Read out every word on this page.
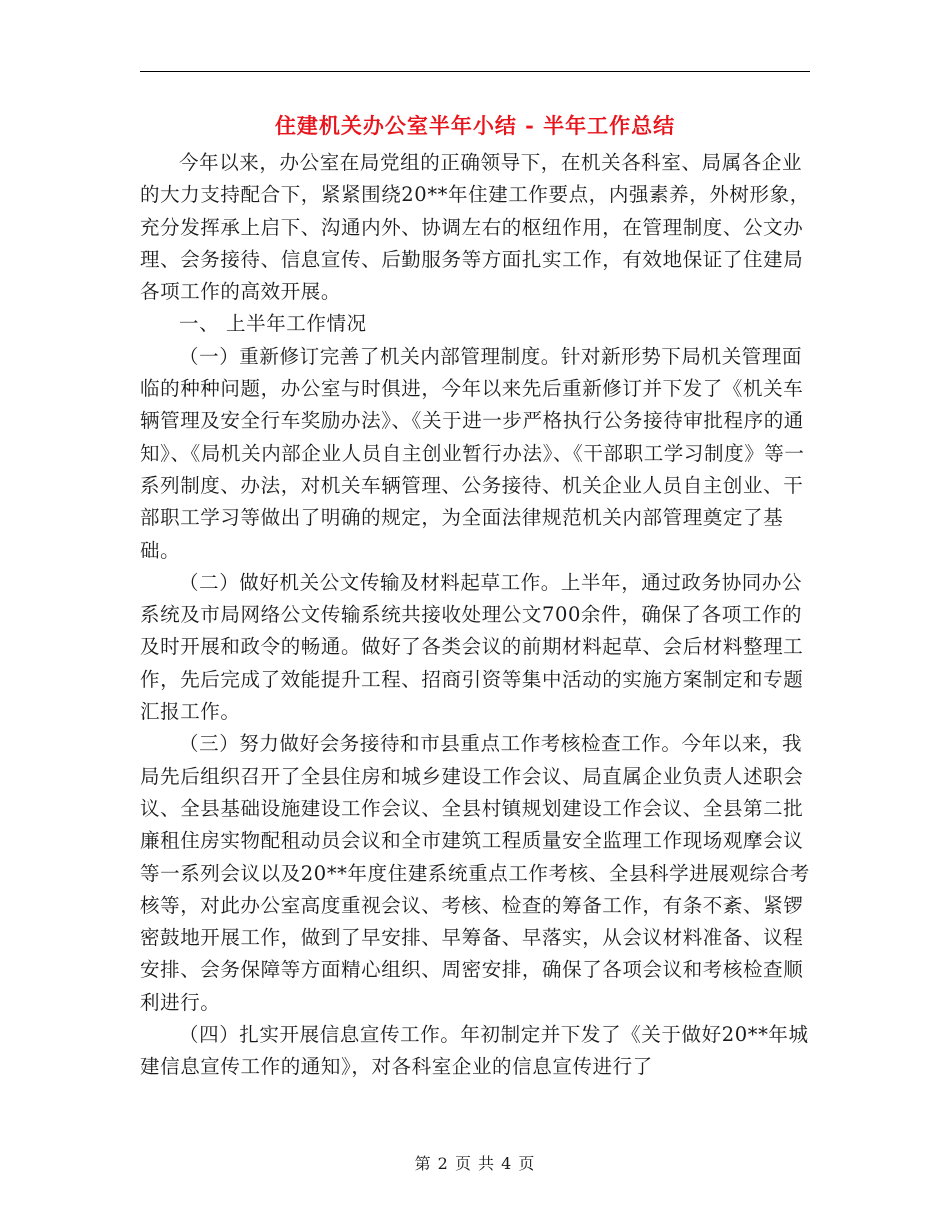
住建机关办公室半年小结 - 半年工作总结

今年以来，办公室在局党组的正确领导下，在机关各科室、局属各企业的大力支持配合下，紧紧围绕20**年住建工作要点，内强素养，外树形象，充分发挥承上启下、沟通内外、协调左右的枢纽作用，在管理制度、公文办理、会务接待、信息宣传、后勤服务等方面扎实工作，有效地保证了住建局各项工作的高效开展。

一、 上半年工作情况

（一）重新修订完善了机关内部管理制度。针对新形势下局机关管理面临的种种问题，办公室与时俱进，今年以来先后重新修订并下发了《机关车辆管理及安全行车奖励办法》、《关于进一步严格执行公务接待审批程序的通知》、《局机关内部企业人员自主创业暂行办法》、《干部职工学习制度》等一系列制度、办法，对机关车辆管理、公务接待、机关企业人员自主创业、干部职工学习等做出了明确的规定，为全面法律规范机关内部管理奠定了基础。

（二）做好机关公文传输及材料起草工作。上半年，通过政务协同办公系统及市局网络公文传输系统共接收处理公文700余件，确保了各项工作的及时开展和政令的畅通。做好了各类会议的前期材料起草、会后材料整理工作，先后完成了效能提升工程、招商引资等集中活动的实施方案制定和专题汇报工作。

（三）努力做好会务接待和市县重点工作考核检查工作。今年以来，我局先后组织召开了全县住房和城乡建设工作会议、局直属企业负责人述职会议、全县基础设施建设工作会议、全县村镇规划建设工作会议、全县第二批廉租住房实物配租动员会议和全市建筑工程质量安全监理工作现场观摩会议等一系列会议以及20**年度住建系统重点工作考核、全县科学进展观综合考核等，对此办公室高度重视会议、考核、检查的筹备工作，有条不紊、紧锣密鼓地开展工作，做到了早安排、早筹备、早落实，从会议材料准备、议程安排、会务保障等方面精心组织、周密安排，确保了各项会议和考核检查顺利进行。

（四）扎实开展信息宣传工作。年初制定并下发了《关于做好20**年城建信息宣传工作的通知》，对各科室企业的信息宣传进行了

第 2 页 共 4 页
